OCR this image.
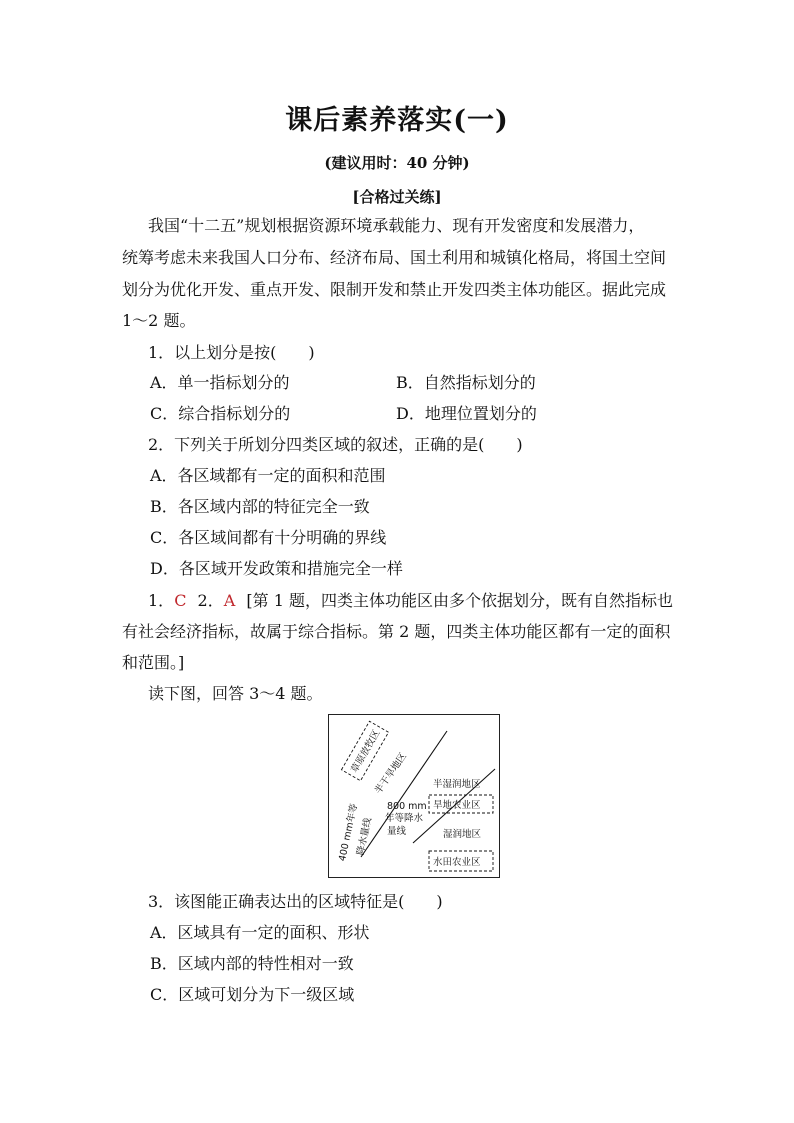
课后素养落实(一)
(建议用时：40 分钟)
[合格过关练]
我国“十二五”规划根据资源环境承载能力、现有开发密度和发展潜力，
统筹考虑未来我国人口分布、经济布局、国土利用和城镇化格局，将国土空间
划分为优化开发、重点开发、限制开发和禁止开发四类主体功能区。据此完成
1～2 题。
1．以上划分是按(　　)
A．单一指标划分的	B．自然指标划分的
C．综合指标划分的	D．地理位置划分的
2．下列关于所划分四类区域的叙述，正确的是(　　)
A．各区域都有一定的面积和范围
B．各区域内部的特征完全一致
C．各区域间都有十分明确的界线
D．各区域开发政策和措施完全一样
1．C 2．A [第 1 题，四类主体功能区由多个依据划分，既有自然指标也
有社会经济指标，故属于综合指标。第 2 题，四类主体功能区都有一定的面积
和范围。]
读下图，回答 3～4 题。
草原放牧区
半干旱地区
400 mm年等
降水量线
800 mm
年等降水
量线
半湿润地区
旱地农业区
湿润地区
水田农业区
3．该图能正确表达出的区域特征是(　　)
A．区域具有一定的面积、形状
B．区域内部的特性相对一致
C．区域可划分为下一级区域
